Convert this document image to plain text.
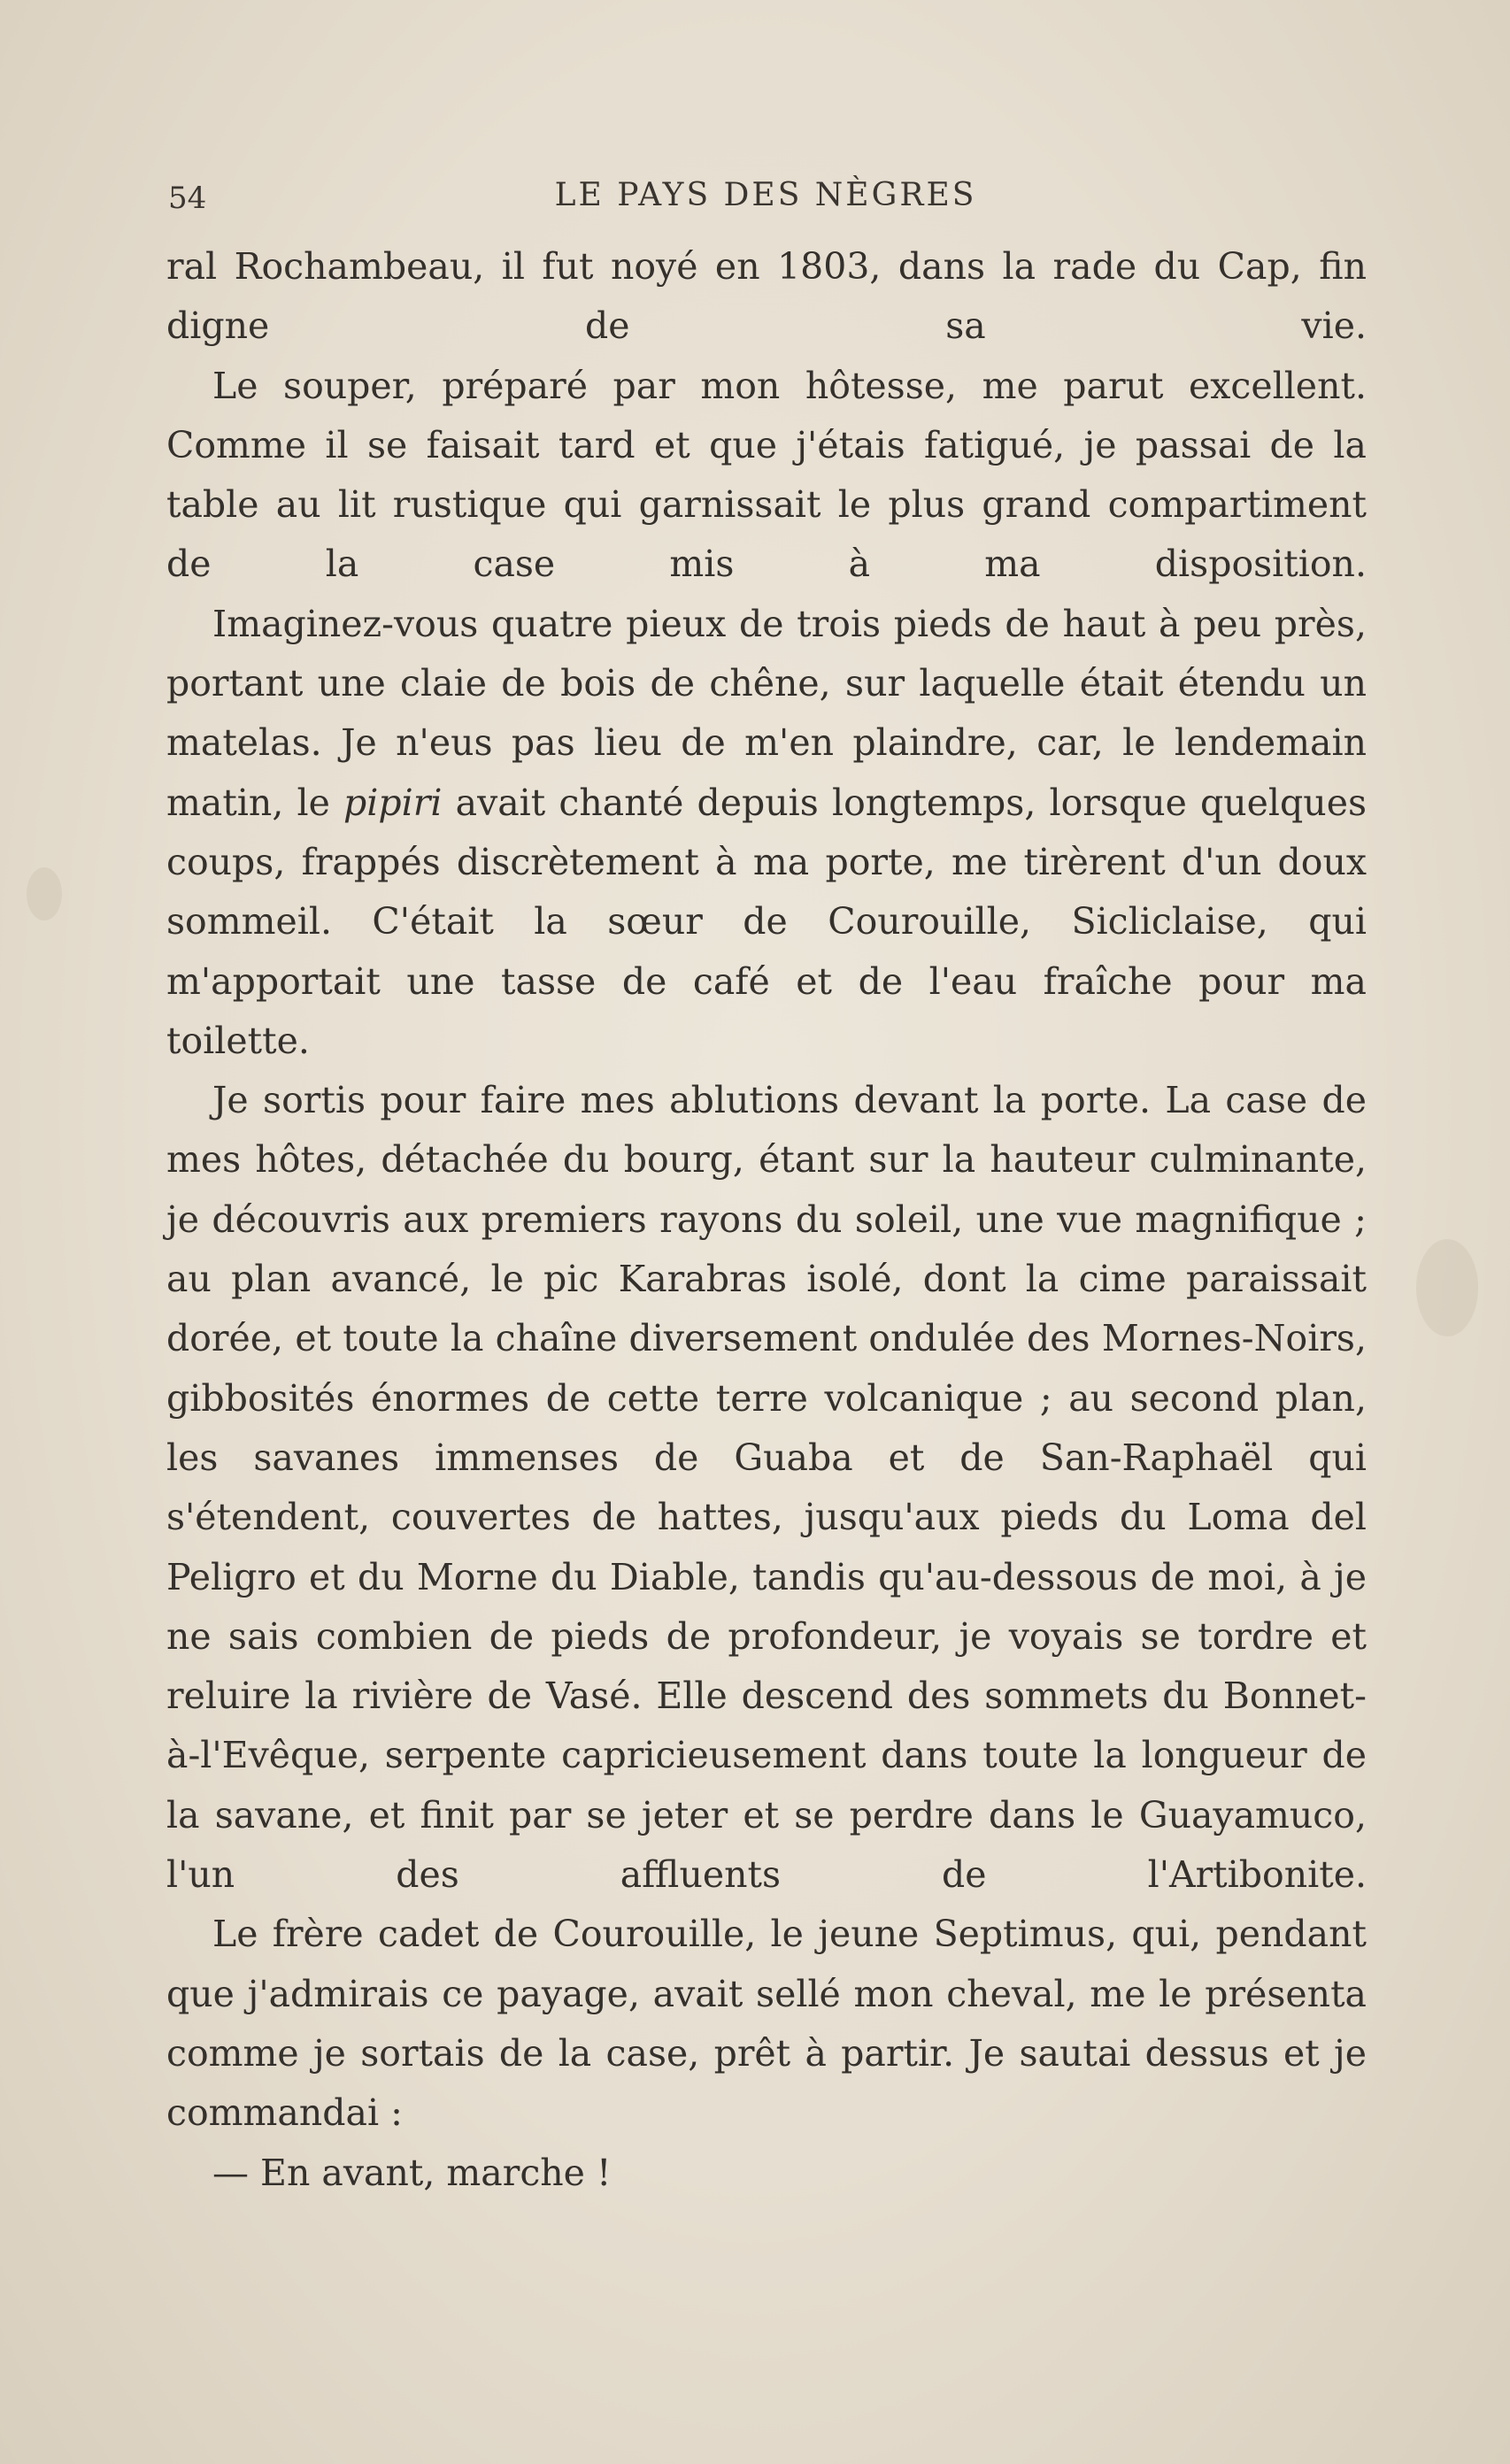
54	LE PAYS DES NÈGRES

ral Rochambeau, il fut noyé en 1803, dans la rade du Cap, fin digne de sa vie.

Le souper, préparé par mon hôtesse, me parut excellent. Comme il se faisait tard et que j'étais fatigué, je passai de la table au lit rustique qui garnissait le plus grand compartiment de la case mis à ma disposition.

Imaginez-vous quatre pieux de trois pieds de haut à peu près, portant une claie de bois de chêne, sur laquelle était étendu un matelas. Je n'eus pas lieu de m'en plaindre, car, le lendemain matin, le pipiri avait chanté depuis longtemps, lorsque quelques coups, frappés discrètement à ma porte, me tirèrent d'un doux sommeil. C'était la sœur de Courouille, Sicliclaise, qui m'apportait une tasse de café et de l'eau fraîche pour ma toilette.

Je sortis pour faire mes ablutions devant la porte. La case de mes hôtes, détachée du bourg, étant sur la hauteur culminante, je découvris aux premiers rayons du soleil, une vue magnifique ; au plan avancé, le pic Karabras isolé, dont la cime paraissait dorée, et toute la chaîne diversement ondulée des Mornes-Noirs, gibbosités énormes de cette terre volcanique ; au second plan, les savanes immenses de Guaba et de San-Raphaël qui s'étendent, couvertes de hattes, jusqu'aux pieds du Loma del Peligro et du Morne du Diable, tandis qu'au-dessous de moi, à je ne sais combien de pieds de profondeur, je voyais se tordre et reluire la rivière de Vasé. Elle descend des sommets du Bonnet-à-l'Evêque, serpente capricieusement dans toute la longueur de la savane, et finit par se jeter et se perdre dans le Guayamuco, l'un des affluents de l'Artibonite.

Le frère cadet de Courouille, le jeune Septimus, qui, pendant que j'admirais ce payage, avait sellé mon cheval, me le présenta comme je sortais de la case, prêt à partir. Je sautai dessus et je commandai :

— En avant, marche !
